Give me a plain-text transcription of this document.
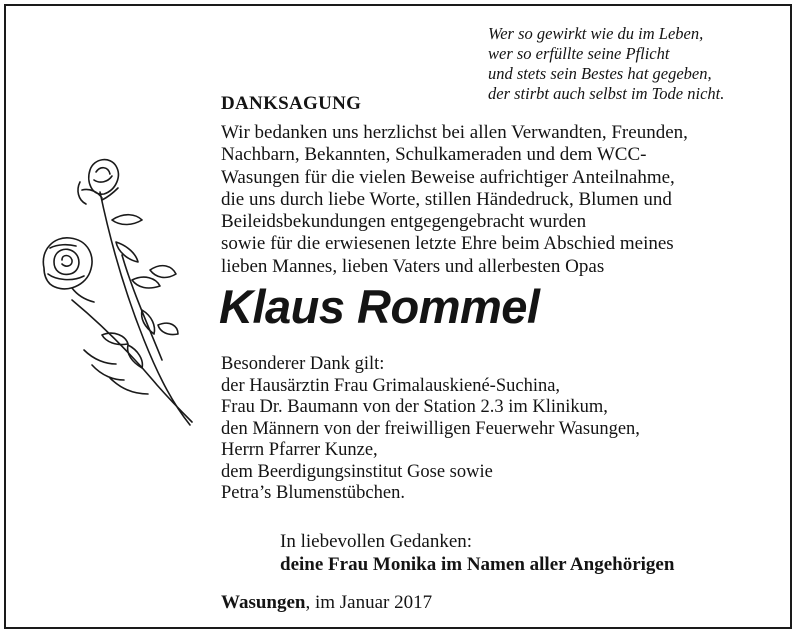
Wer so gewirkt wie du im Leben,
wer so erfüllte seine Pflicht
und stets sein Bestes hat gegeben,
der stirbt auch selbst im Tode nicht.
DANKSAGUNG
Wir bedanken uns herzlichst bei allen Verwandten, Freunden,
Nachbarn, Bekannten, Schulkameraden und dem WCC-
Wasungen für die vielen Beweise aufrichtiger Anteilnahme,
die uns durch liebe Worte, stillen Händedruck, Blumen und
Beileidsbekundungen entgegengebracht wurden
sowie für die erwiesenen letzte Ehre beim Abschied meines
lieben Mannes, lieben Vaters und allerbesten Opas
Klaus Rommel
Besonderer Dank gilt:
der Hausärztin Frau Grimalauskiené-Suchina,
Frau Dr. Baumann von der Station 2.3 im Klinikum,
den Männern von der freiwilligen Feuerwehr Wasungen,
Herrn Pfarrer Kunze,
dem Beerdigungsinstitut Gose sowie
Petra’s Blumenstübchen.
In liebevollen Gedanken:
deine Frau Monika im Namen aller Angehörigen
Wasungen, im Januar 2017
